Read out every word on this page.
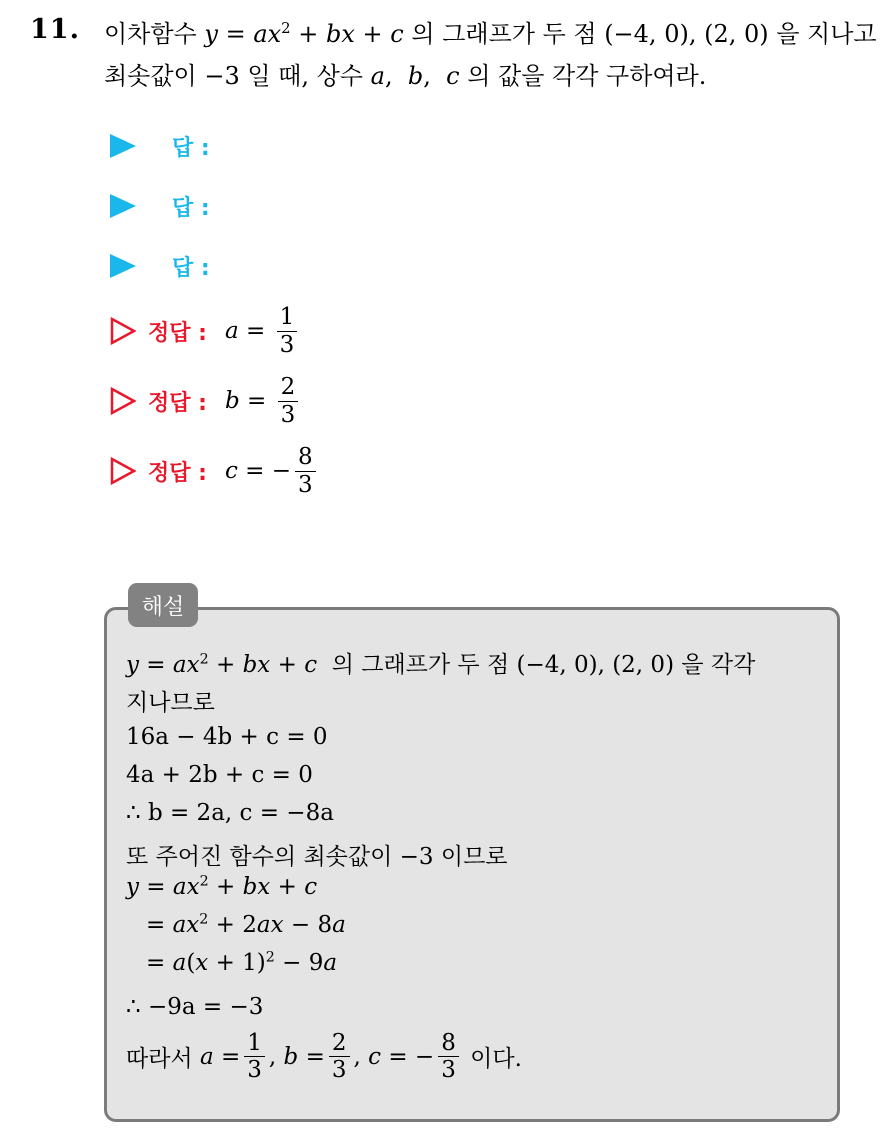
11. 이차함수 $y = ax^2$ + bx + c 의 그래프가 두 점 (−4, 0), (2, 0) 을 지나고
최솟값이 −3 일 때, 상수 a,  b,  c 의 값을 각각 구하여라.
답 :
답 :
답 :
정답 : $a = \frac{1}{3}$
정답 : $b = \frac{2}{3}$
정답 : c = − $\frac{8}{3}$
해설
$y = ax^2$ + bx + c 의 그래프가 두 점 (−4, 0), (2, 0) 을 각각
지나므로
16a − 4b + c = 0
4a + 2b + c = 0
∴ b = 2a, c = −8a
또 주어진 함수의 최솟값이 −3 이므로
$y = ax^2$ + bx + c
= $ax^2 + 2ax - 8a$
= $a(x + 1)^2 - 9a$
∴ −9a = −3
따라서
$a = \frac{1}{3}$ , $b = \frac{2}{3}$ , c = − $\frac{8}{3}$
이다.
